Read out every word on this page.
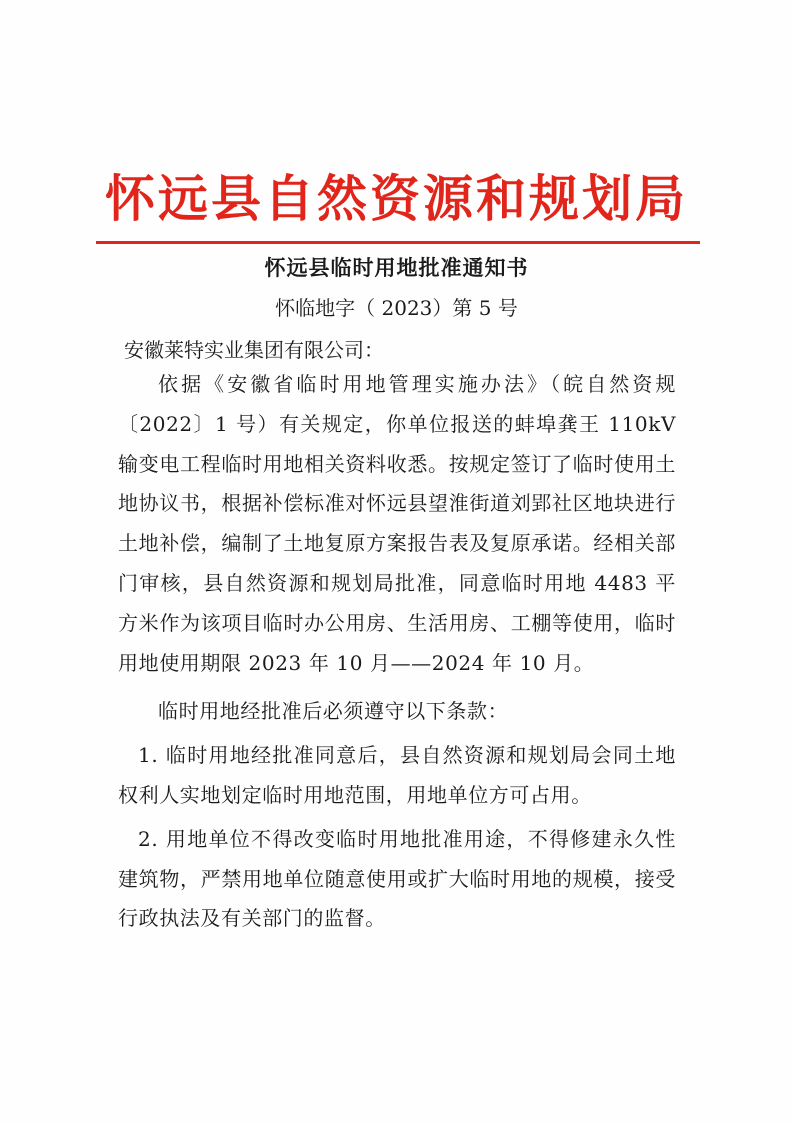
怀远县自然资源和规划局
怀远县临时用地批准通知书
怀临地字（ 2023）第 5 号
安徽莱特实业集团有限公司：

依据《安徽省临时用地管理实施办法》（皖自然资规〔2022〕1 号）有关规定，你单位报送的蚌埠龚王 110kV 输变电工程临时用地相关资料收悉。按规定签订了临时使用土地协议书，根据补偿标准对怀远县望淮街道刘郢社区地块进行土地补偿，编制了土地复原方案报告表及复原承诺。经相关部门审核，县自然资源和规划局批准，同意临时用地 4483 平方米作为该项目临时办公用房、生活用房、工棚等使用，临时用地使用期限 2023 年 10 月——2024 年 10 月。

临时用地经批准后必须遵守以下条款：

1. 临时用地经批准同意后，县自然资源和规划局会同土地权利人实地划定临时用地范围，用地单位方可占用。

2. 用地单位不得改变临时用地批准用途，不得修建永久性建筑物，严禁用地单位随意使用或扩大临时用地的规模，接受行政执法及有关部门的监督。
